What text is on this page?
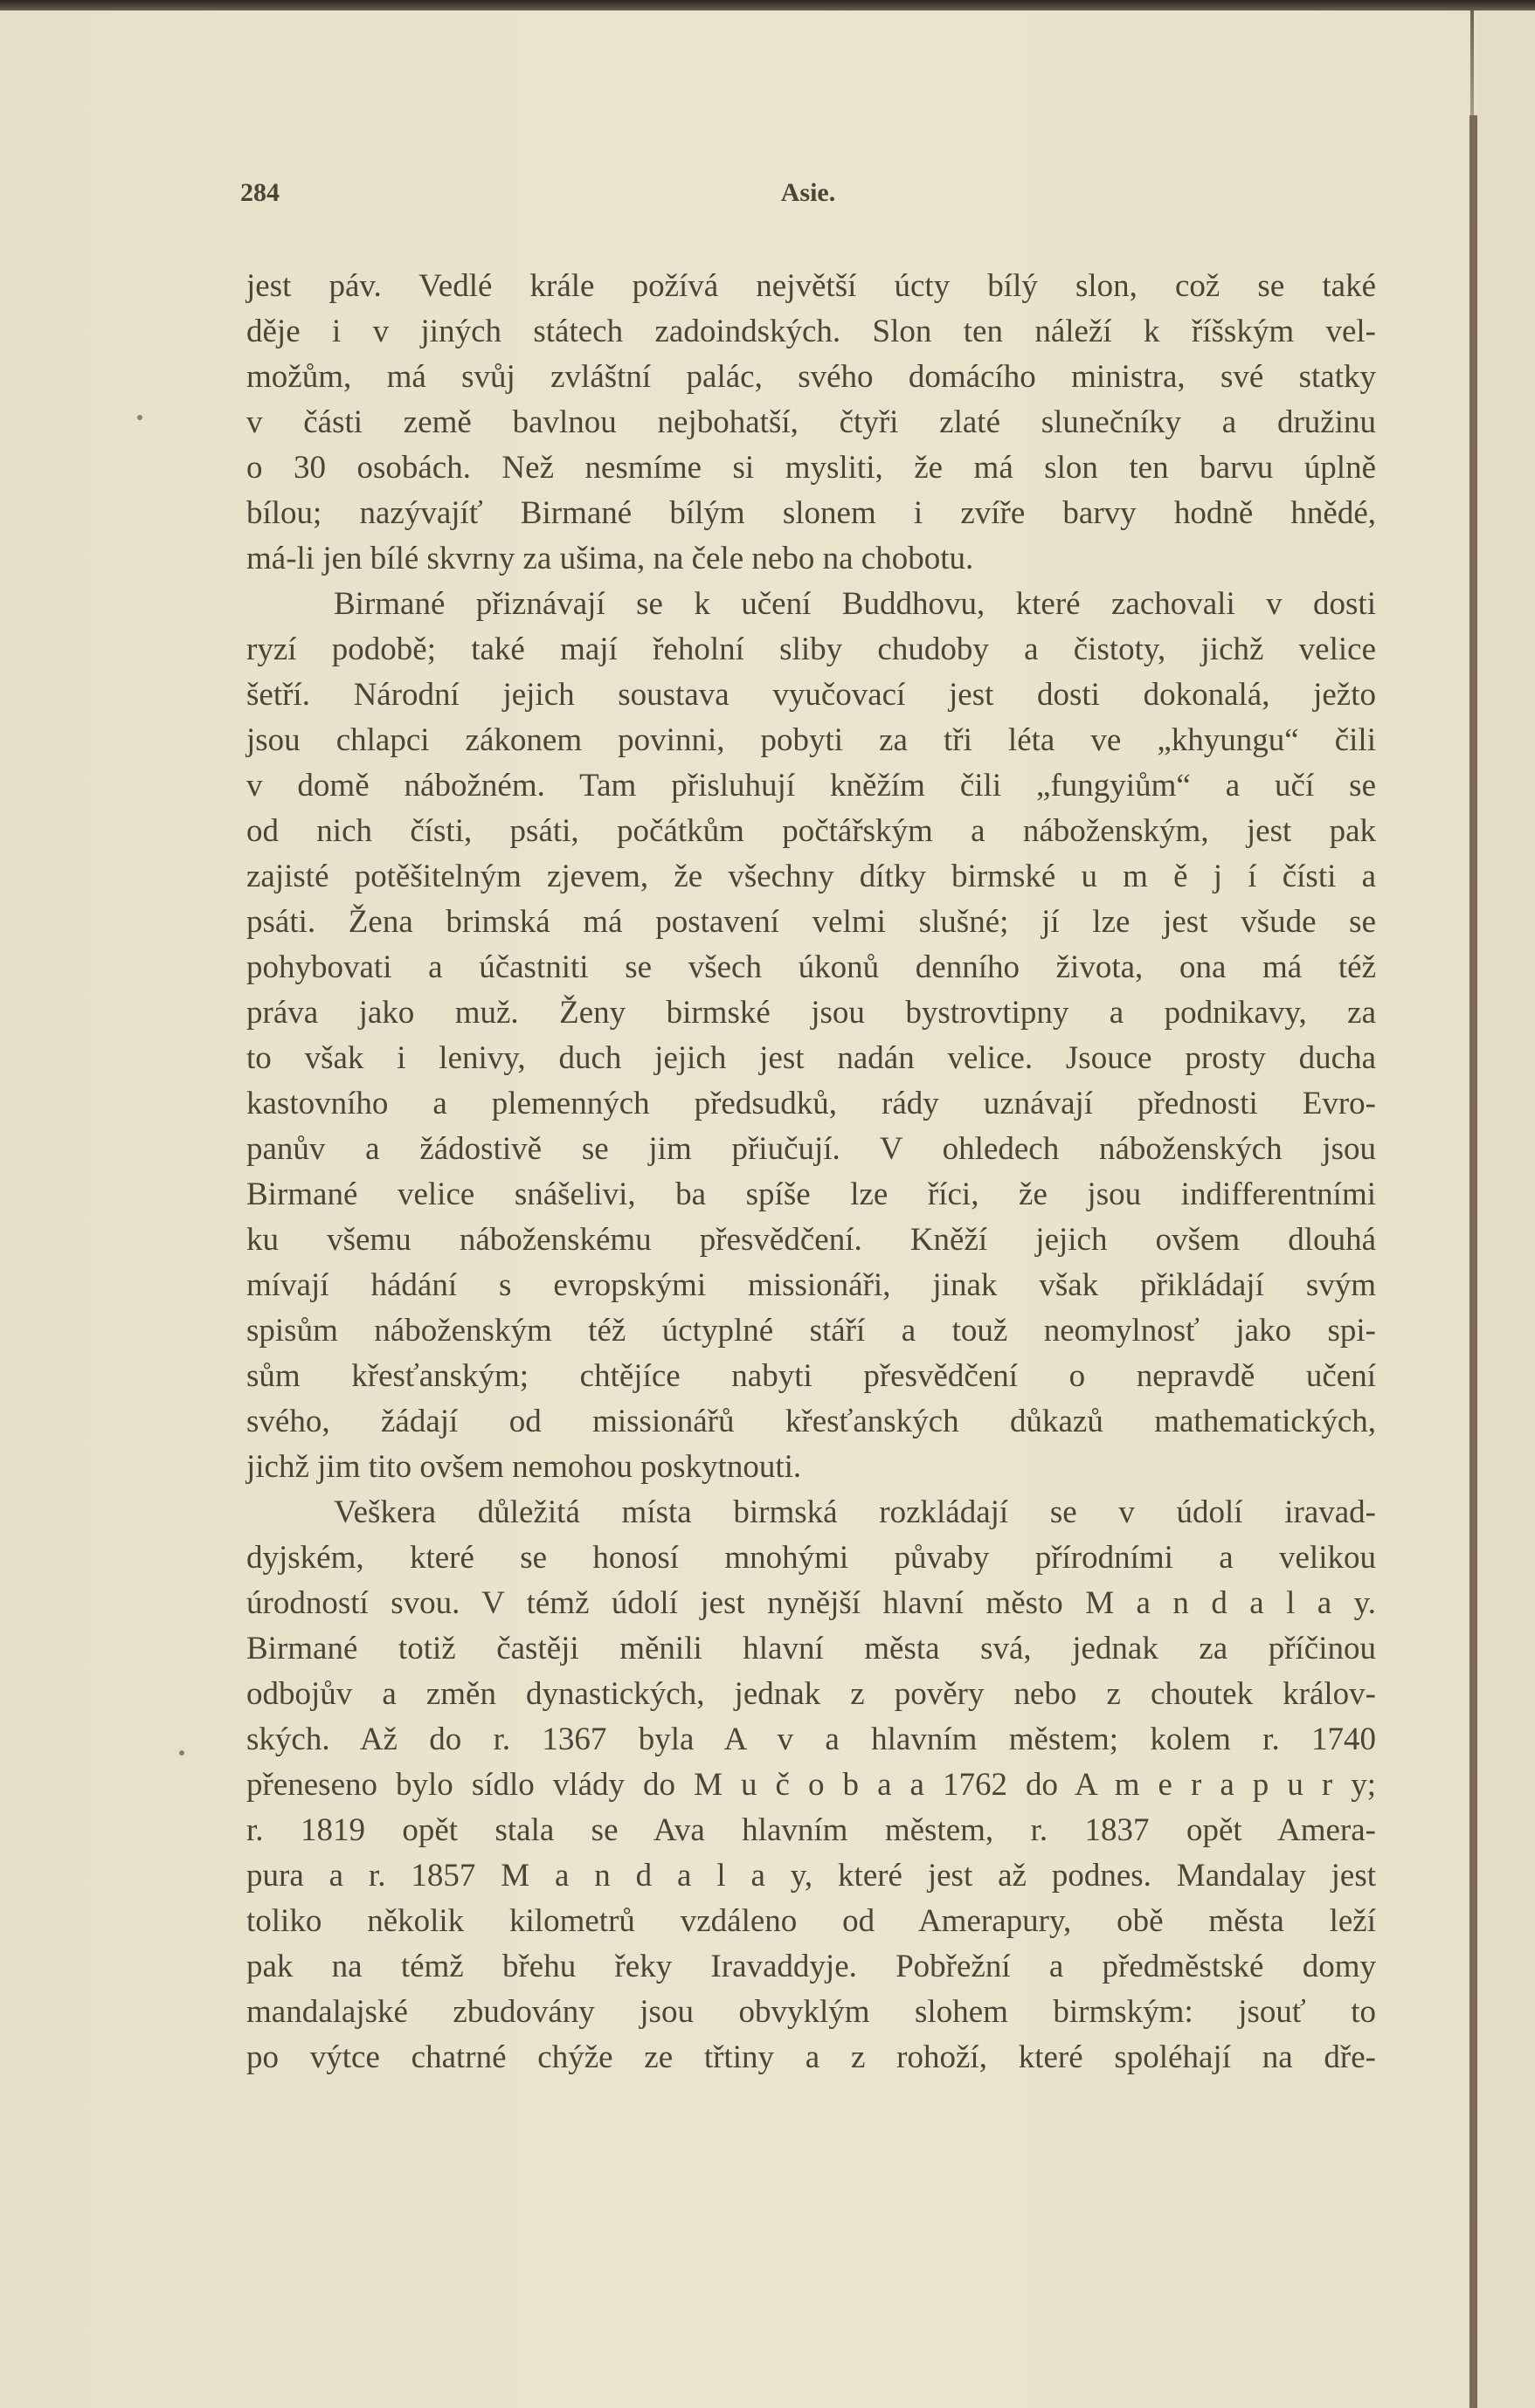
284	Asie.
jest páv. Vedlé krále požívá největší úcty bílý slon, což se také
děje i v jiných státech zadoindských. Slon ten náleží k říšským vel-
možům, má svůj zvláštní palác, svého domácího ministra, své statky
v části země bavlnou nejbohatší, čtyři zlaté slunečníky a družinu
o 30 osobách. Než nesmíme si mysliti, že má slon ten barvu úplně
bílou; nazývajíť Birmané bílým slonem i zvíře barvy hodně hnědé,
má-li jen bílé skvrny za ušima, na čele nebo na chobotu.
Birmané přiznávají se k učení Buddhovu, které zachovali v dosti
ryzí podobě; také mají řeholní sliby chudoby a čistoty, jichž velice
šetří. Národní jejich soustava vyučovací jest dosti dokonalá, ježto
jsou chlapci zákonem povinni, pobyti za tři léta ve „khyungu“ čili
v domě nábožném. Tam přisluhují kněžím čili „fungyiům“ a učí se
od nich čísti, psáti, počátkům počtářským a náboženským, jest pak
zajisté potěšitelným zjevem, že všechny dítky birmské u m ě j í čísti a
psáti. Žena brimská má postavení velmi slušné; jí lze jest všude se
pohybovati a účastniti se všech úkonů denního života, ona má též
práva jako muž. Ženy birmské jsou bystrovtipny a podnikavy, za
to však i lenivy, duch jejich jest nadán velice. Jsouce prosty ducha
kastovního a plemenných předsudků, rády uznávají přednosti Evro-
panův a žádostivě se jim přiučují. V ohledech náboženských jsou
Birmané velice snášelivi, ba spíše lze říci, že jsou indifferentními
ku všemu náboženskému přesvědčení. Kněží jejich ovšem dlouhá
mívají hádání s evropskými missionáři, jinak však přikládají svým
spisům náboženským též úctyplné stáří a touž neomylnosť jako spi-
sům křesťanským; chtějíce nabyti přesvědčení o nepravdě učení
svého, žádají od missionářů křesťanských důkazů mathematických,
jichž jim tito ovšem nemohou poskytnouti.
Veškera důležitá místa birmská rozkládají se v údolí iravad-
dyjském, které se honosí mnohými půvaby přírodními a velikou
úrodností svou. V témž údolí jest nynější hlavní město M a n d a l a y.
Birmané totiž častěji měnili hlavní města svá, jednak za příčinou
odbojův a změn dynastických, jednak z pověry nebo z choutek králov-
ských. Až do r. 1367 byla A v a hlavním městem; kolem r. 1740
přeneseno bylo sídlo vlády do M u č o b a a 1762 do A m e r a p u r y;
r. 1819 opět stala se Ava hlavním městem, r. 1837 opět Amera-
pura a r. 1857 M a n d a l a y, které jest až podnes. Mandalay jest
toliko několik kilometrů vzdáleno od Amerapury, obě města leží
pak na témž břehu řeky Iravaddyje. Pobřežní a předměstské domy
mandalajské zbudovány jsou obvyklým slohem birmským: jsouť to
po výtce chatrné chýže ze třtiny a z rohoží, které spoléhají na dře-
